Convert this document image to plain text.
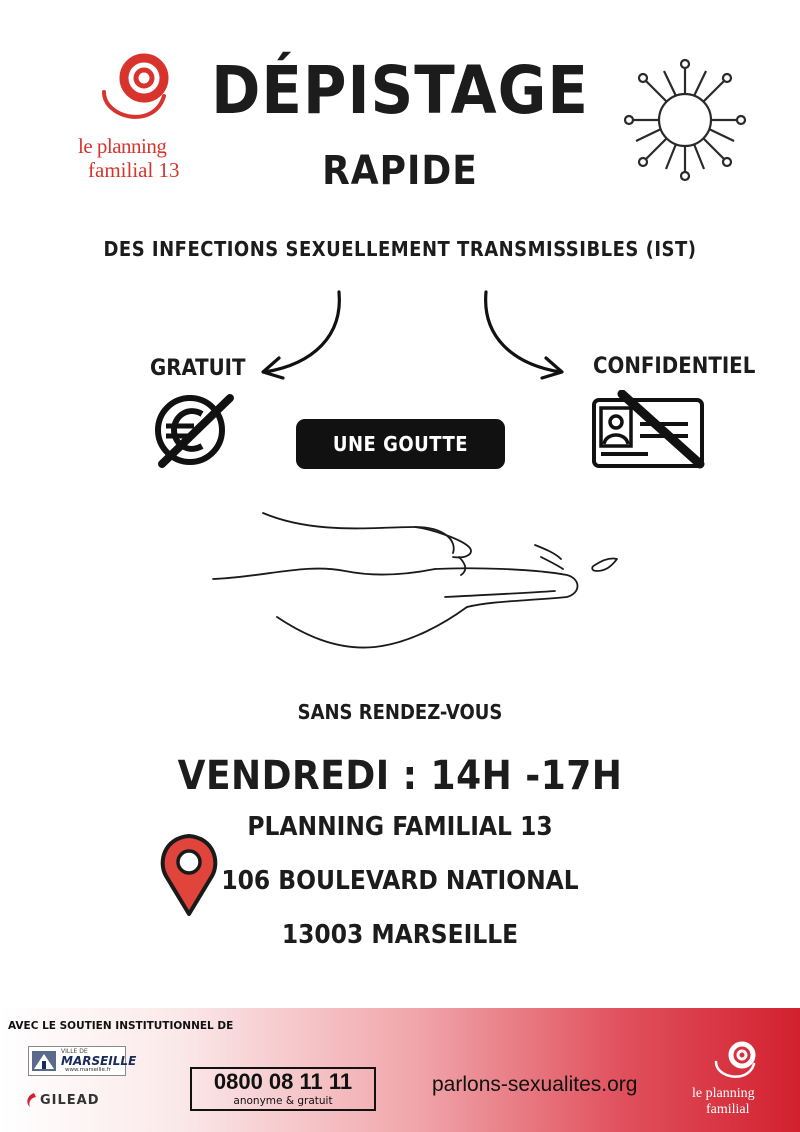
le planning
familial 13
DÉPISTAGE
RAPIDE
DES INFECTIONS SEXUELLEMENT TRANSMISSIBLES (IST)
GRATUIT	CONFIDENTIEL
UNE GOUTTE SUFFIT
SANS RENDEZ-VOUS
VENDREDI : 14H -17H
PLANNING FAMILIAL 13
106 BOULEVARD NATIONAL
13003 MARSEILLE
AVEC LE SOUTIEN INSTITUTIONNEL DE
VILLE DE
MARSEILLE
www.marseille.fr
GILEAD
0800 08 11 11
anonyme & gratuit
parlons-sexualites.org	le planning
familial
